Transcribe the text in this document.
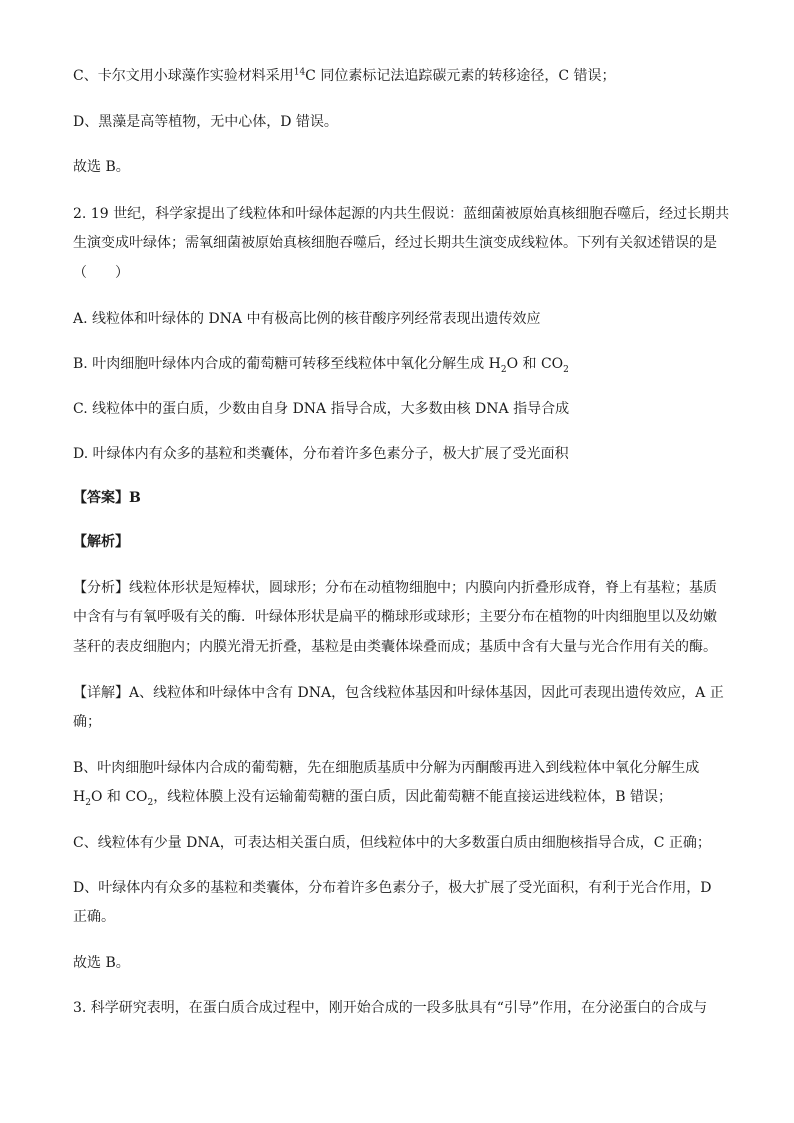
C、卡尔文用小球藻作实验材料采用$^{14}$C 同位素标记法追踪碳元素的转移途径，C 错误；
D、黑藻是高等植物，无中心体，D 错误。
故选 B。
2. 19 世纪，科学家提出了线粒体和叶绿体起源的内共生假说：蓝细菌被原始真核细胞吞噬后，经过长期共
生演变成叶绿体；需氧细菌被原始真核细胞吞噬后，经过长期共生演变成线粒体。下列有关叙述错误的是
（　　）
A. 线粒体和叶绿体的 DNA 中有极高比例的核苷酸序列经常表现出遗传效应
B. 叶肉细胞叶绿体内合成的葡萄糖可转移至线粒体中氧化分解生成 $H_2O$ 和 $CO_2$
C. 线粒体中的蛋白质，少数由自身 DNA 指导合成，大多数由核 DNA 指导合成
D. 叶绿体内有众多的基粒和类囊体，分布着许多色素分子，极大扩展了受光面积
【答案】B
【解析】
【分析】线粒体形状是短棒状，圆球形；分布在动植物细胞中；内膜向内折叠形成脊，脊上有基粒；基质
中含有与有氧呼吸有关的酶．叶绿体形状是扁平的椭球形或球形；主要分布在植物的叶肉细胞里以及幼嫩
茎秆的表皮细胞内；内膜光滑无折叠，基粒是由类囊体垛叠而成；基质中含有大量与光合作用有关的酶。
【详解】A、线粒体和叶绿体中含有 DNA，包含线粒体基因和叶绿体基因，因此可表现出遗传效应，A 正
确；
B、叶肉细胞叶绿体内合成的葡萄糖，先在细胞质基质中分解为丙酮酸再进入到线粒体中氧化分解生成
$H_2O$ 和 $CO_2$，线粒体膜上没有运输葡萄糖的蛋白质，因此葡萄糖不能直接运进线粒体，B 错误；
C、线粒体有少量 DNA，可表达相关蛋白质，但线粒体中的大多数蛋白质由细胞核指导合成，C 正确；
D、叶绿体内有众多的基粒和类囊体，分布着许多色素分子，极大扩展了受光面积，有利于光合作用，D
正确。
故选 B。
3. 科学研究表明，在蛋白质合成过程中，刚开始合成的一段多肽具有“引导”作用，在分泌蛋白的合成与
